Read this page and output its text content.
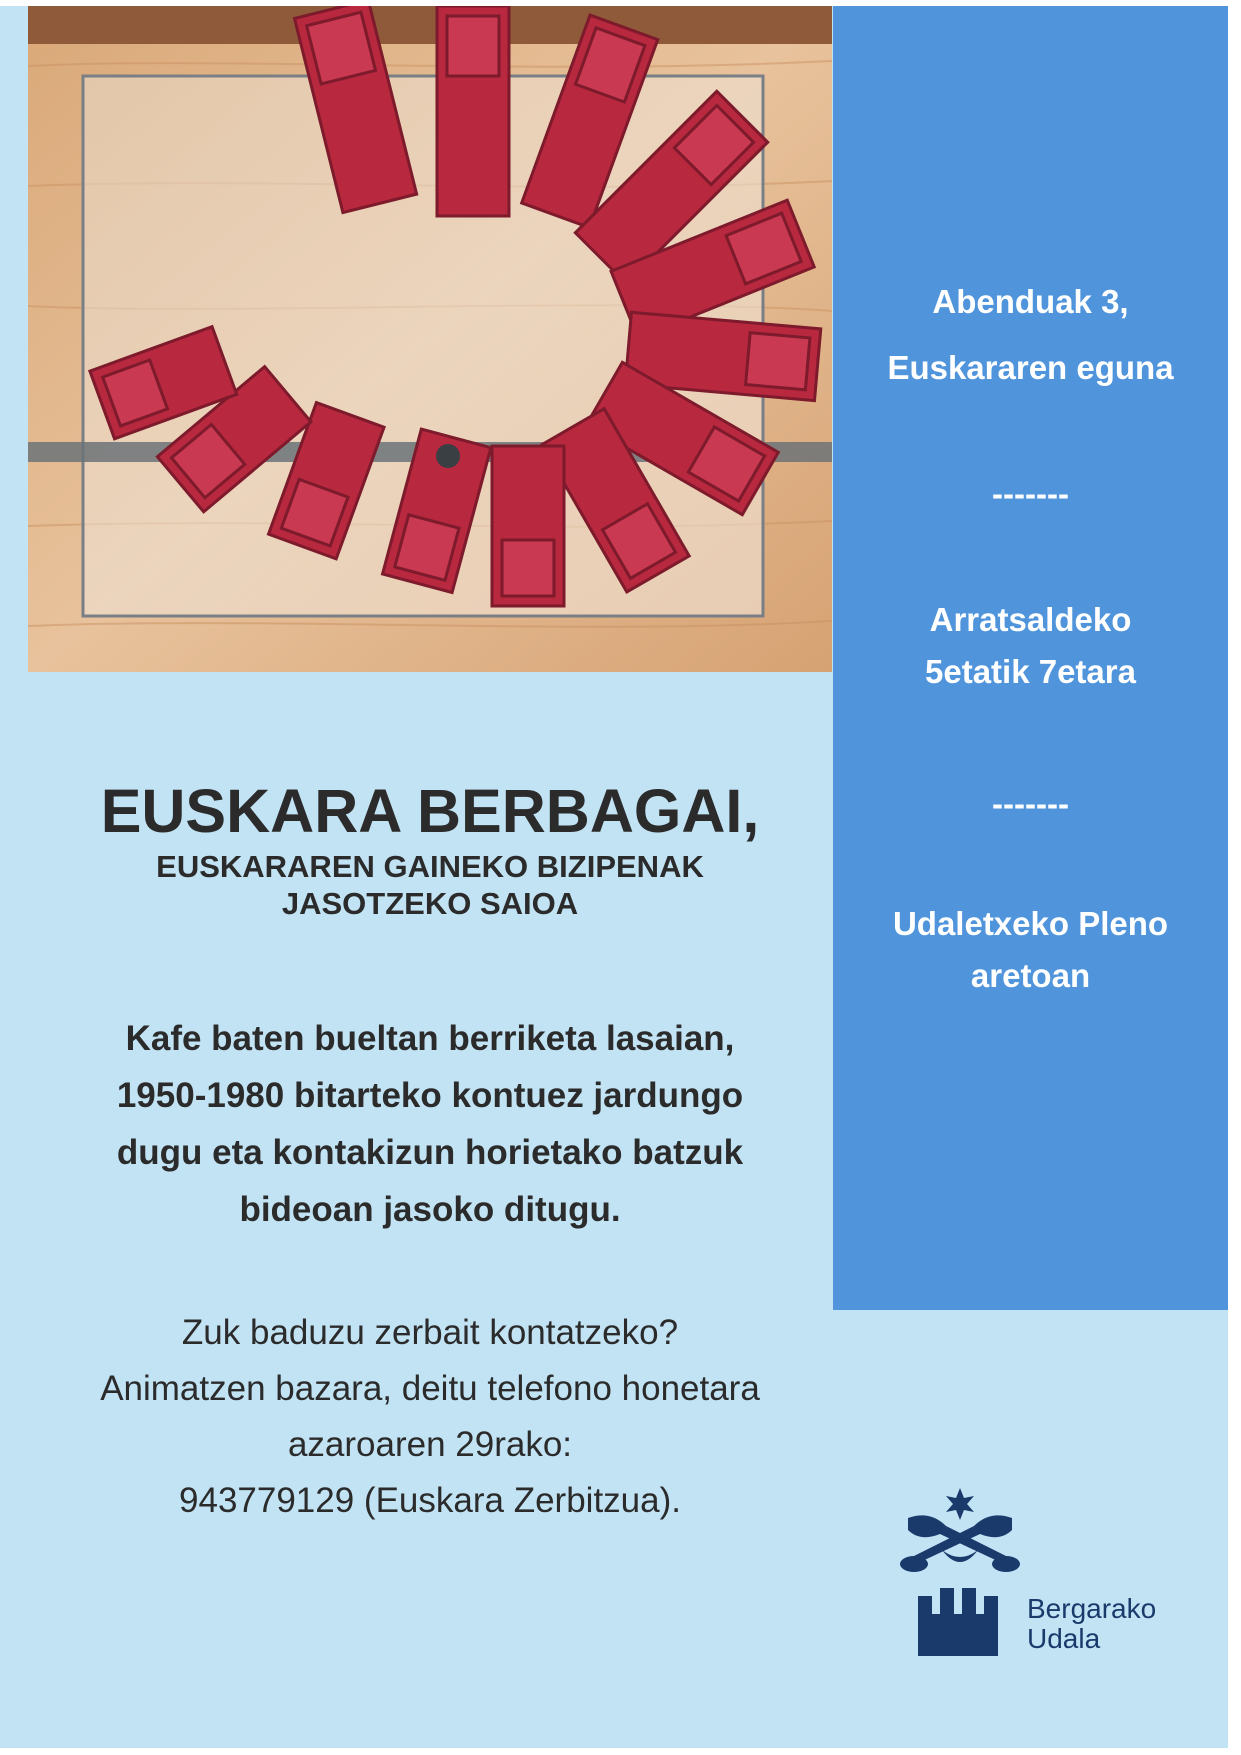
Abenduak 3,
Euskararen eguna
-------
Arratsaldeko
5etatik 7etara
-------
Udaletxeko Pleno
aretoan
EUSKARA BERBAGAI,
EUSKARAREN GAINEKO BIZIPENAK
JASOTZEKO SAIOA
Kafe baten bueltan berriketa lasaian,
1950-1980 bitarteko kontuez jardungo
dugu eta kontakizun horietako batzuk
bideoan jasoko ditugu.
Zuk baduzu zerbait kontatzeko?
Animatzen bazara, deitu telefono honetara
azaroaren 29rako:
943779129 (Euskara Zerbitzua).
Bergarako
Udala
